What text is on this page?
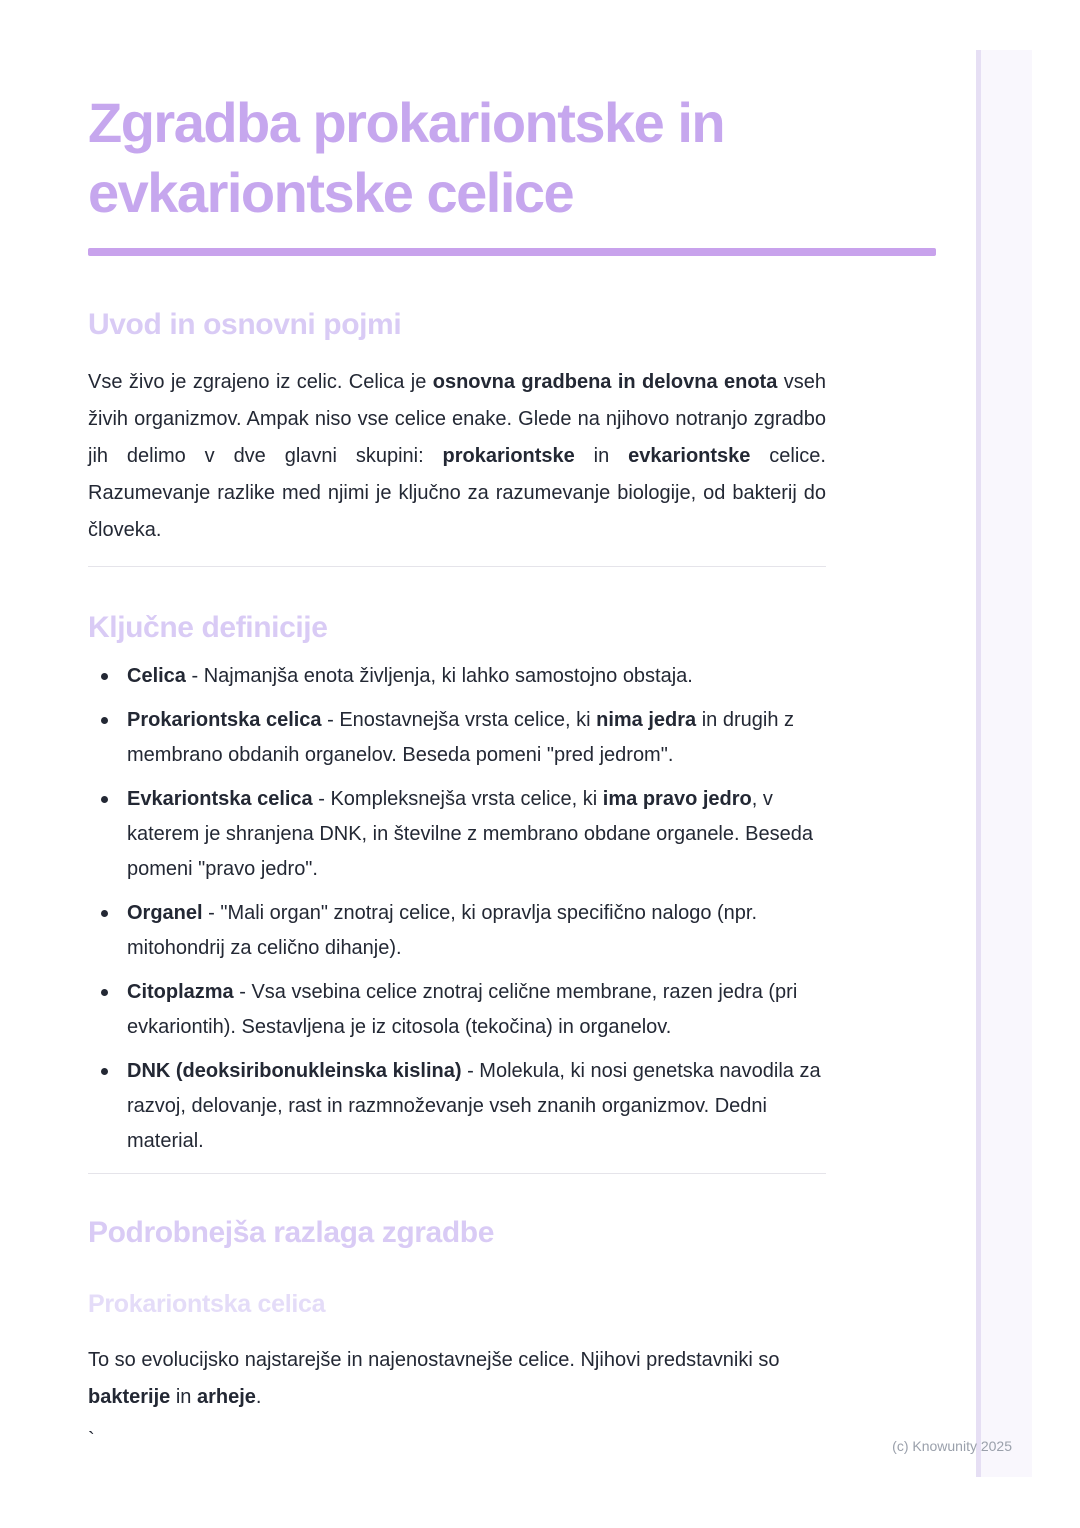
Zgradba prokariontske in
evkariontske celice
Uvod in osnovni pojmi

Vse živo je zgrajeno iz celic. Celica je osnovna gradbena in delovna enota vseh živih organizmov. Ampak niso vse celice enake. Glede na njihovo notranjo zgradbo jih delimo v dve glavni skupini: prokariontske in evkariontske celice. Razumevanje razlike med njimi je ključno za razumevanje biologije, od bakterij do človeka.

Ključne definicije
Celica - Najmanjša enota življenja, ki lahko samostojno obstaja.
Prokariontska celica - Enostavnejša vrsta celice, ki nima jedra in drugih z membrano obdanih organelov. Beseda pomeni "pred jedrom".
Evkariontska celica - Kompleksnejša vrsta celice, ki ima pravo jedro, v katerem je shranjena DNK, in številne z membrano obdane organele. Beseda pomeni "pravo jedro".
Organel - "Mali organ" znotraj celice, ki opravlja specifično nalogo (npr. mitohondrij za celično dihanje).
Citoplazma - Vsa vsebina celice znotraj celične membrane, razen jedra (pri evkariontih). Sestavljena je iz citosola (tekočina) in organelov.
DNK (deoksiribonukleinska kislina) - Molekula, ki nosi genetska navodila za razvoj, delovanje, rast in razmnoževanje vseh znanih organizmov. Dedni material.
Podrobnejša razlaga zgradbe
Prokariontska celica

To so evolucijsko najstarejše in najenostavnejše celice. Njihovi predstavniki so bakterije in arheje.

`	(c) Knowunity 2025
